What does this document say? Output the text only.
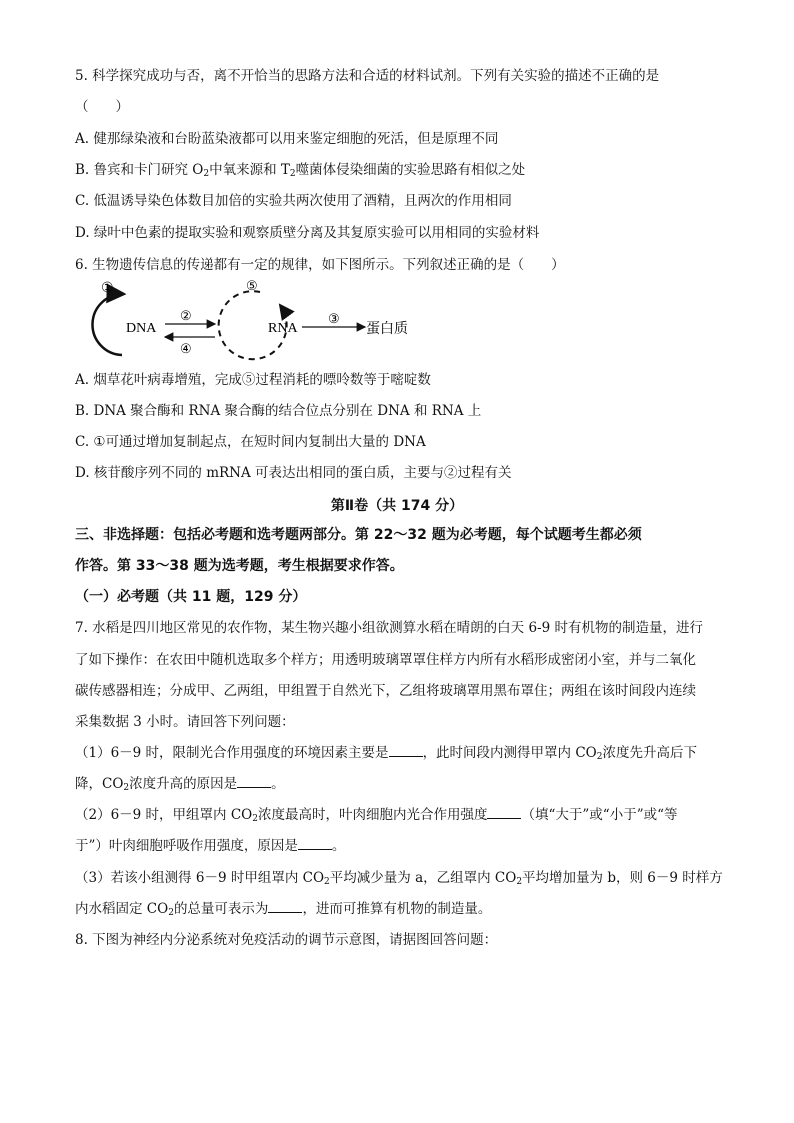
5. 科学探究成功与否，离不开恰当的思路方法和合适的材料试剂。下列有关实验的描述不正确的是
（　　）
A. 健那绿染液和台盼蓝染液都可以用来鉴定细胞的死活，但是原理不同
B. 鲁宾和卡门研究 $O_2$中氧来源和 $T_2$噬菌体侵染细菌的实验思路有相似之处
C. 低温诱导染色体数目加倍的实验共两次使用了酒精，且两次的作用相同
D. 绿叶中色素的提取实验和观察质壁分离及其复原实验可以用相同的实验材料
6. 生物遗传信息的传递都有一定的规律，如下图所示。下列叙述正确的是（　　）
①
DNA
②
④
⑤
RNA
③
蛋白质
A. 烟草花叶病毒增殖，完成⑤过程消耗的嘌呤数等于嘧啶数
B. DNA 聚合酶和 RNA 聚合酶的结合位点分别在 DNA 和 RNA 上
C. ①可通过增加复制起点，在短时间内复制出大量的 DNA
D. 核苷酸序列不同的 mRNA 可表达出相同的蛋白质，主要与②过程有关
第Ⅱ卷（共 174 分）
三、非选择题：包括必考题和选考题两部分。第 22～32 题为必考题，每个试题考生都必须
作答。第 33～38 题为选考题，考生根据要求作答。
（一）必考题（共 11 题，129 分）
7. 水稻是四川地区常见的农作物，某生物兴趣小组欲测算水稻在晴朗的白天 6-9 时有机物的制造量，进行
了如下操作：在农田中随机选取多个样方；用透明玻璃罩罩住样方内所有水稻形成密闭小室，并与二氧化
碳传感器相连；分成甲、乙两组，甲组置于自然光下，乙组将玻璃罩用黑布罩住；两组在该时间段内连续
采集数据 3 小时。请回答下列问题：
（1）6－9 时，限制光合作用强度的环境因素主要是	，此时间段内测得甲罩内 $CO_2$浓度先升高后下
降，$CO_2$浓度升高的原因是	。
（2）6－9 时，甲组罩内 $CO_2$浓度最高时，叶肉细胞内光合作用强度	（填“大于”或“小于”或“等
于”）叶肉细胞呼吸作用强度，原因是	。
（3）若该小组测得 6－9 时甲组罩内 $CO_2$平均减少量为 a，乙组罩内 $CO_2$平均增加量为 b，则 6－9 时样方
内水稻固定 $CO_2$的总量可表示为	，进而可推算有机物的制造量。
8. 下图为神经内分泌系统对免疫活动的调节示意图，请据图回答问题：
